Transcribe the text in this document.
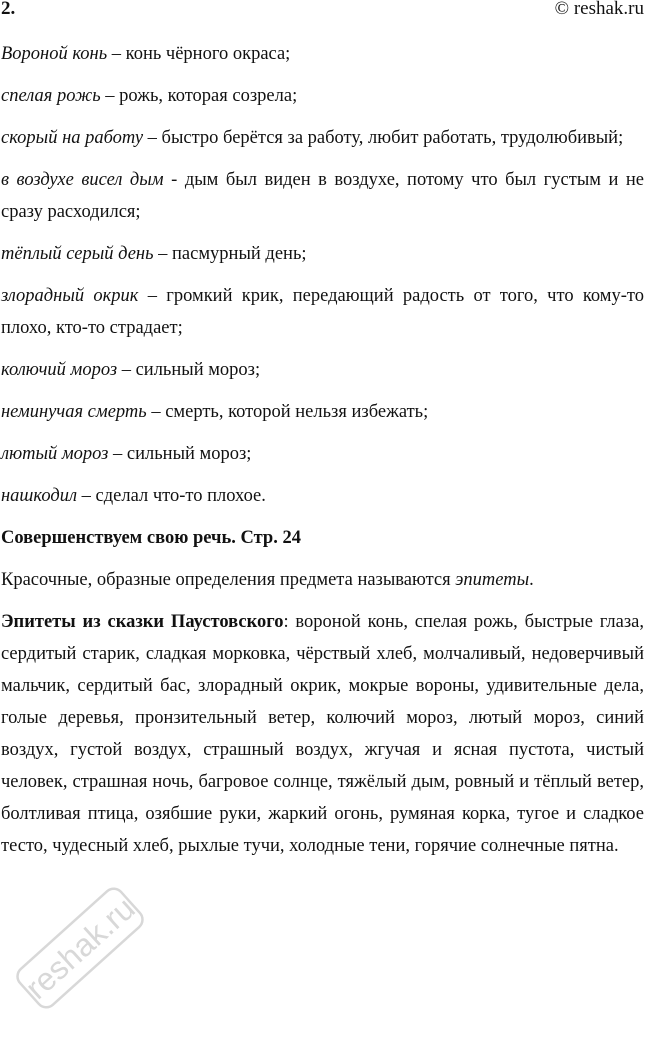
2.	© reshak.ru

Вороной конь – конь чёрного окраса;

спелая рожь – рожь, которая созрела;

скорый на работу – быстро берётся за работу, любит работать, трудолюбивый;

в воздухе висел дым - дым был виден в воздухе, потому что был густым и не сразу расходился;

тёплый серый день – пасмурный день;

злорадный окрик – громкий крик, передающий радость от того, что кому-то плохо, кто-то страдает;

колючий мороз – сильный мороз;

неминучая смерть – смерть, которой нельзя избежать;

лютый мороз – сильный мороз;

нашкодил – сделал что-то плохое.

Совершенствуем свою речь. Стр. 24

Красочные, образные определения предмета называются эпитеты.

Эпитеты из сказки Паустовского: вороной конь, спелая рожь, быстрые глаза, сердитый старик, сладкая морковка, чёрствый хлеб, молчаливый, недоверчивый мальчик, сердитый бас, злорадный окрик, мокрые вороны, удивительные дела, голые деревья, пронзительный ветер, колючий мороз, лютый мороз, синий воздух, густой воздух, страшный воздух, жгучая и ясная пустота, чистый человек, страшная ночь, багровое солнце, тяжёлый дым, ровный и тёплый ветер, болтливая птица, озябшие руки, жаркий огонь, румяная корка, тугое и сладкое тесто, чудесный хлеб, рыхлые тучи, холодные тени, горячие солнечные пятна.

reshak.ru
